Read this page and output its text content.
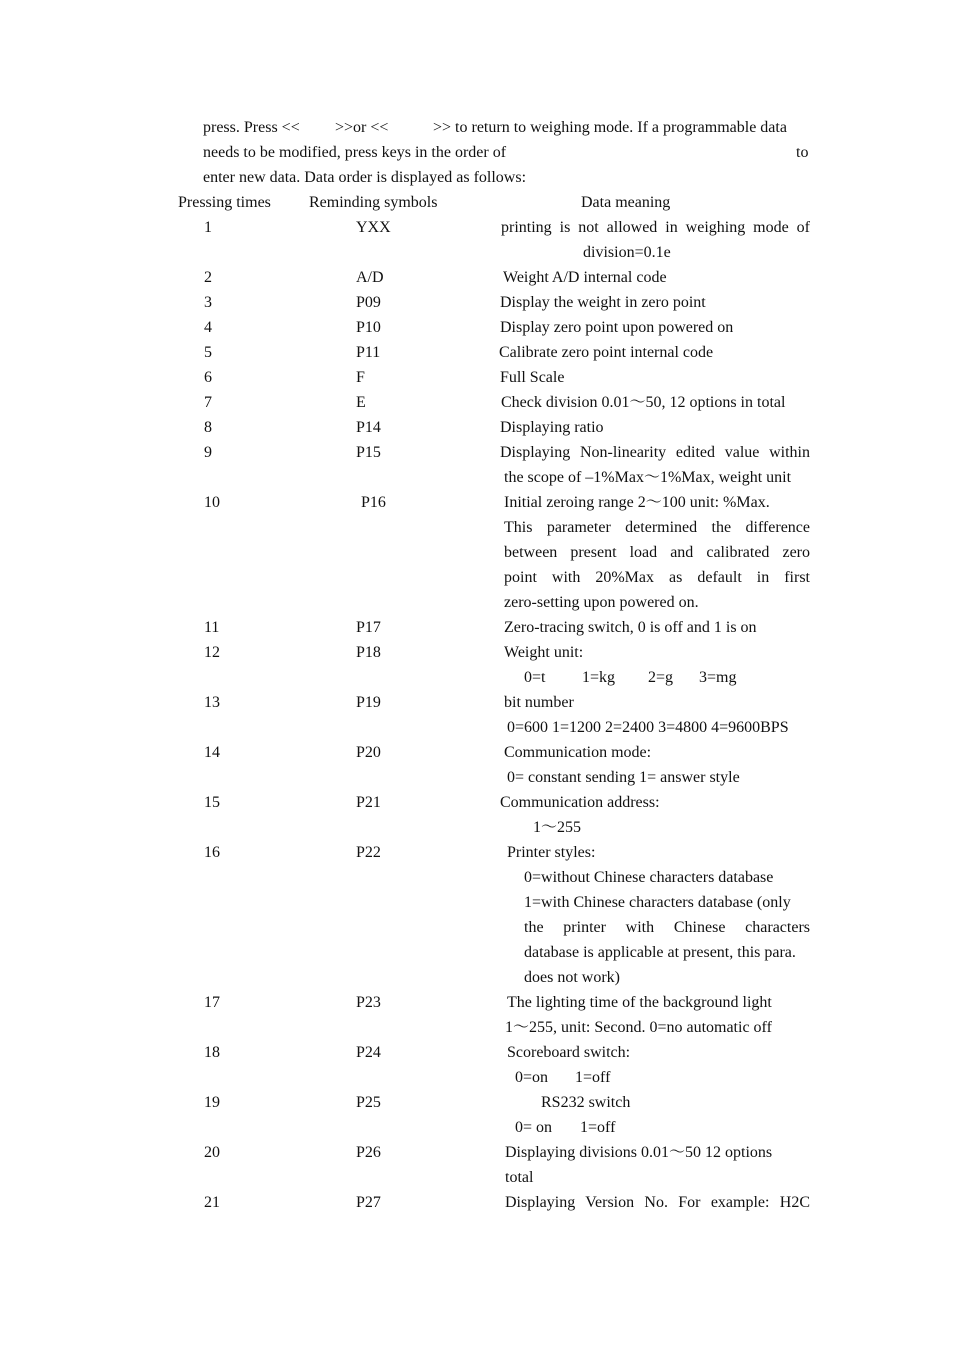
press. Press << >>or <<	>> to return to weighing mode. If a programmable data
needs to be modified, press keys in the order of	to
enter new data. Data order is displayed as follows:
Pressing times Reminding symbols	Data meaning
1	YXX	printing is not allowed in weighing mode of
division=0.1e
2	A/D	Weight A/D internal code
3	P09	Display the weight in zero point
4	P10	Display zero point upon powered on
5	P11	Calibrate zero point internal code
6	F	Full Scale
7	E	Check division 0.01～50, 12 options in total
8	P14	Displaying ratio
9	P15	Displaying Non-linearity edited value within
the scope of –1%Max～1%Max, weight unit
10	P16	Initial zeroing range 2～100 unit: %Max.
This parameter determined the difference
between present load and calibrated zero
point with 20%Max as default in first
zero-setting upon powered on.
11	P17	Zero-tracing switch, 0 is off and 1 is on
12	P18	Weight unit:
0=t 1=kg 2=g 3=mg
13	P19	bit number
0=600 1=1200 2=2400 3=4800 4=9600BPS
14	P20	Communication mode:
0= constant sending 1= answer style
15	P21	Communication address:
1～255
16	P22	Printer styles:
0=without Chinese characters database
1=with Chinese characters database (only
the printer with Chinese characters
database is applicable at present, this para.
does not work)
17	P23	The lighting time of the background light
1～255, unit: Second. 0=no automatic off
18	P24	Scoreboard switch:
0=on 1=off
19	P25	RS232 switch
0= on 1=off
20	P26	Displaying divisions 0.01～50 12 options
total
21	P27	Displaying Version No. For example: H2C
